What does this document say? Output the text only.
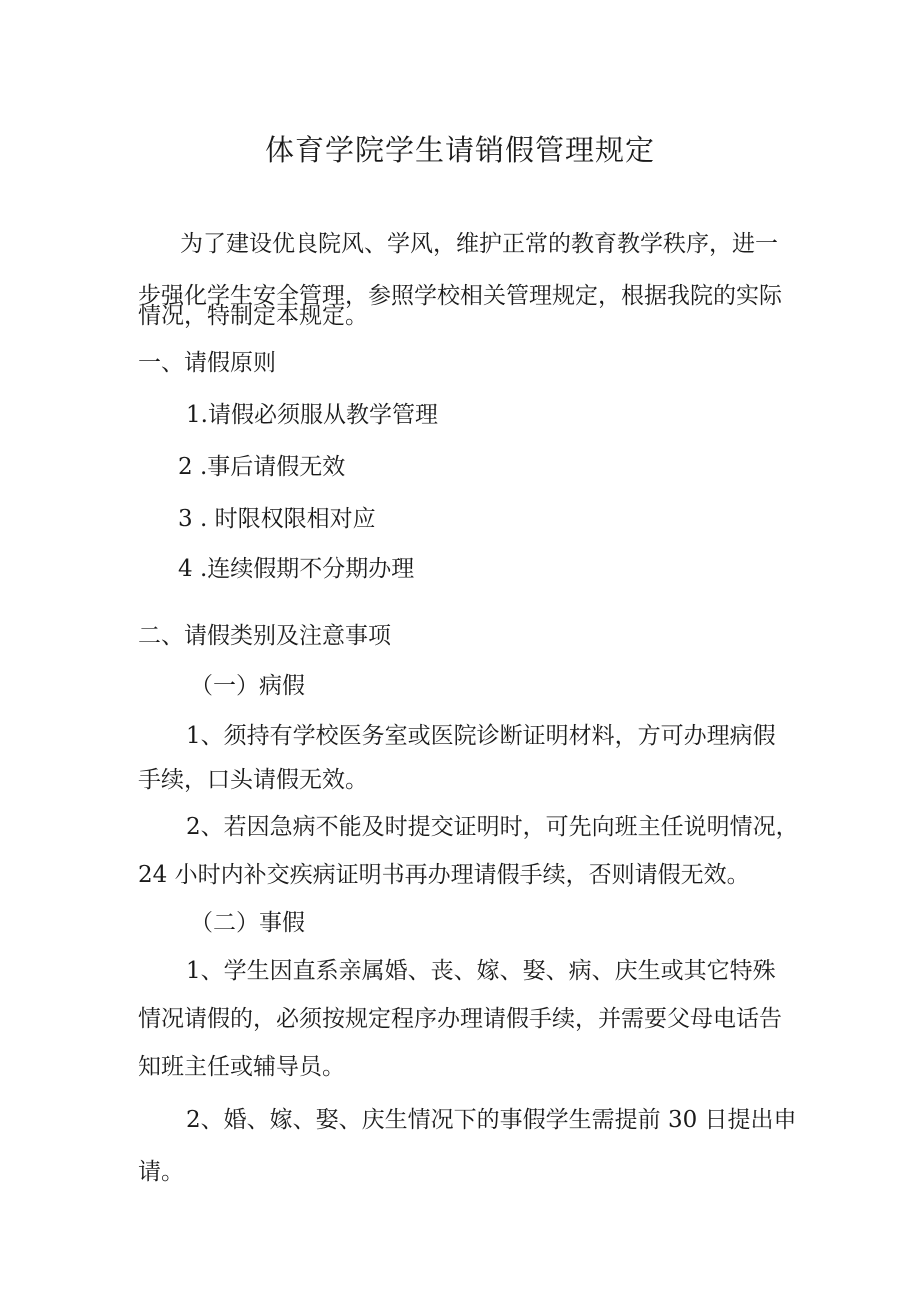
体育学院学生请销假管理规定
为了建设优良院风、学风，维护正常的教育教学秩序，进一
步强化学生安全管理，参照学校相关管理规定，根据我院的实际
情况，特制定本规定。
一、请假原则
1.请假必须服从教学管理
2 .事后请假无效
3 . 时限权限相对应
4 .连续假期不分期办理
二、请假类别及注意事项
（一）病假
1、须持有学校医务室或医院诊断证明材料，方可办理病假
手续，口头请假无效。
2、若因急病不能及时提交证明时，可先向班主任说明情况，
24 小时内补交疾病证明书再办理请假手续，否则请假无效。
（二）事假
1、学生因直系亲属婚、丧、嫁、娶、病、庆生或其它特殊
情况请假的，必须按规定程序办理请假手续，并需要父母电话告
知班主任或辅导员。
2、婚、嫁、娶、庆生情况下的事假学生需提前 30 日提出申
请。
